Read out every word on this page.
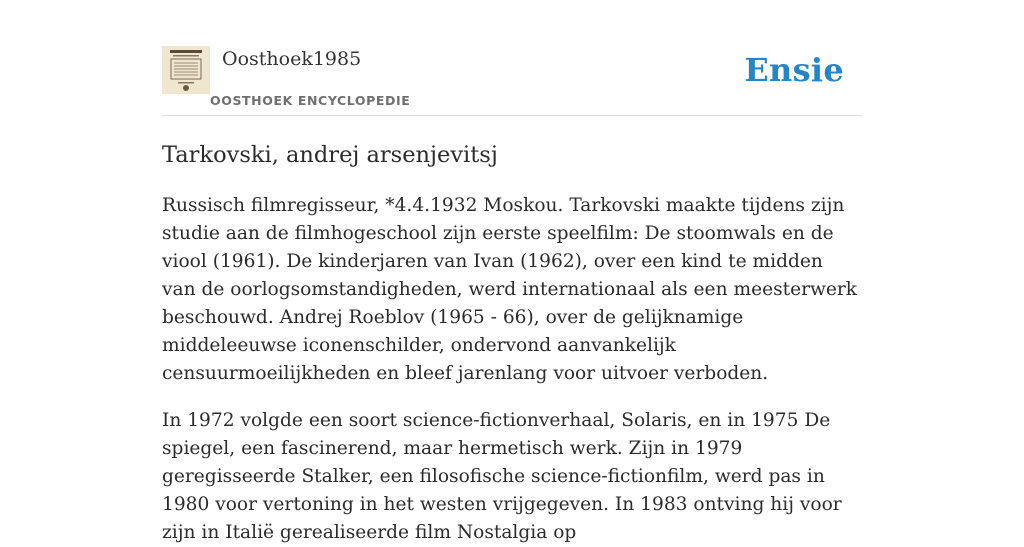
Oosthoek1985
OOSTHOEK ENCYCLOPEDIE
Ensie
Tarkovski, andrej arsenjevitsj

Russisch filmregisseur, *4.4.1932 Moskou. Tarkovski maakte tijdens zijn studie aan de filmhogeschool zijn eerste speelfilm: De stoomwals en de viool (1961). De kinderjaren van Ivan (1962), over een kind te midden van de oorlogsomstandigheden, werd internationaal als een meesterwerk beschouwd. Andrej Roeblov (1965 - 66), over de gelijknamige middeleeuwse iconenschilder, ondervond aanvankelijk censuurmoeilijkheden en bleef jarenlang voor uitvoer verboden.

In 1972 volgde een soort science-fictionverhaal, Solaris, en in 1975 De spiegel, een fascinerend, maar hermetisch werk. Zijn in 1979 geregisseerde Stalker, een filosofische science-fictionfilm, werd pas in 1980 voor vertoning in het westen vrijgegeven. In 1983 ontving hij voor zijn in Italië gerealiseerde film Nostalgia op
